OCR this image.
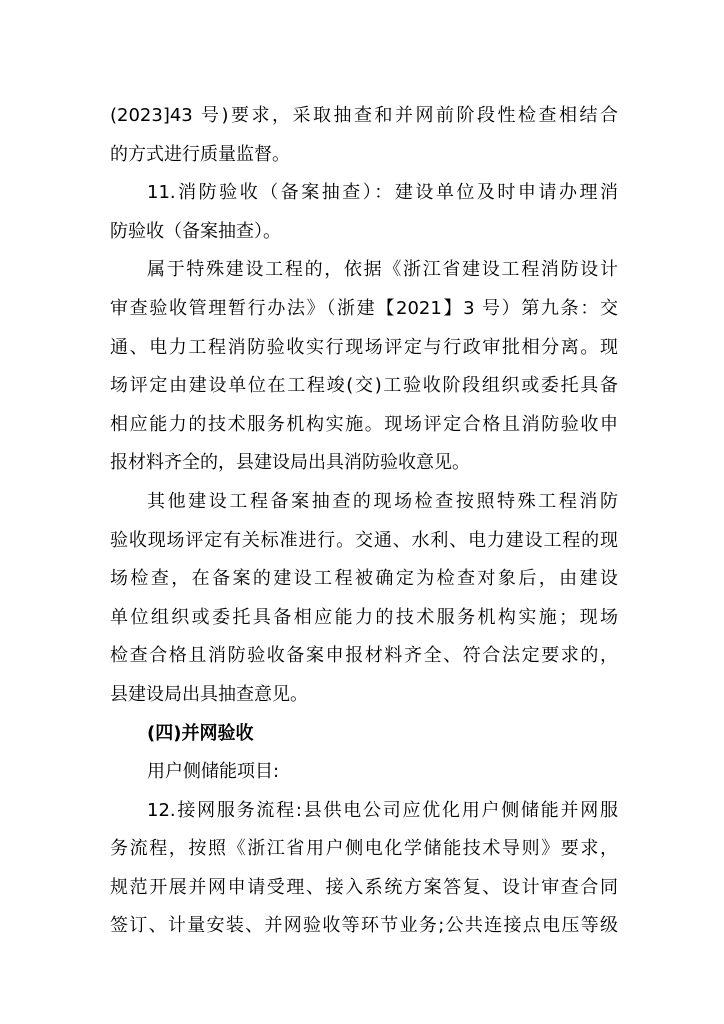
(2023]43 号)要求，采取抽查和并网前阶段性检查相结合
的方式进行质量监督。
11.消防验收（备案抽查）：建设单位及时申请办理消
防验收（备案抽查）。
属于特殊建设工程的，依据《浙江省建设工程消防设计
审查验收管理暂行办法》（浙建【2021】3 号）第九条：交
通、电力工程消防验收实行现场评定与行政审批相分离。现
场评定由建设单位在工程竣(交)工验收阶段组织或委托具备
相应能力的技术服务机构实施。现场评定合格且消防验收申
报材料齐全的，县建设局出具消防验收意见。
其他建设工程备案抽查的现场检查按照特殊工程消防
验收现场评定有关标准进行。交通、水利、电力建设工程的现
场检查，在备案的建设工程被确定为检查对象后，由建设
单位组织或委托具备相应能力的技术服务机构实施；现场
检查合格且消防验收备案申报材料齐全、符合法定要求的，
县建设局出具抽查意见。
(四)并网验收
用户侧储能项目:
12.接网服务流程:县供电公司应优化用户侧储能并网服
务流程，按照《浙江省用户侧电化学储能技术导则》要求，
规范开展并网申请受理、接入系统方案答复、设计审查合同
签订、计量安装、并网验收等环节业务;公共连接点电压等级
